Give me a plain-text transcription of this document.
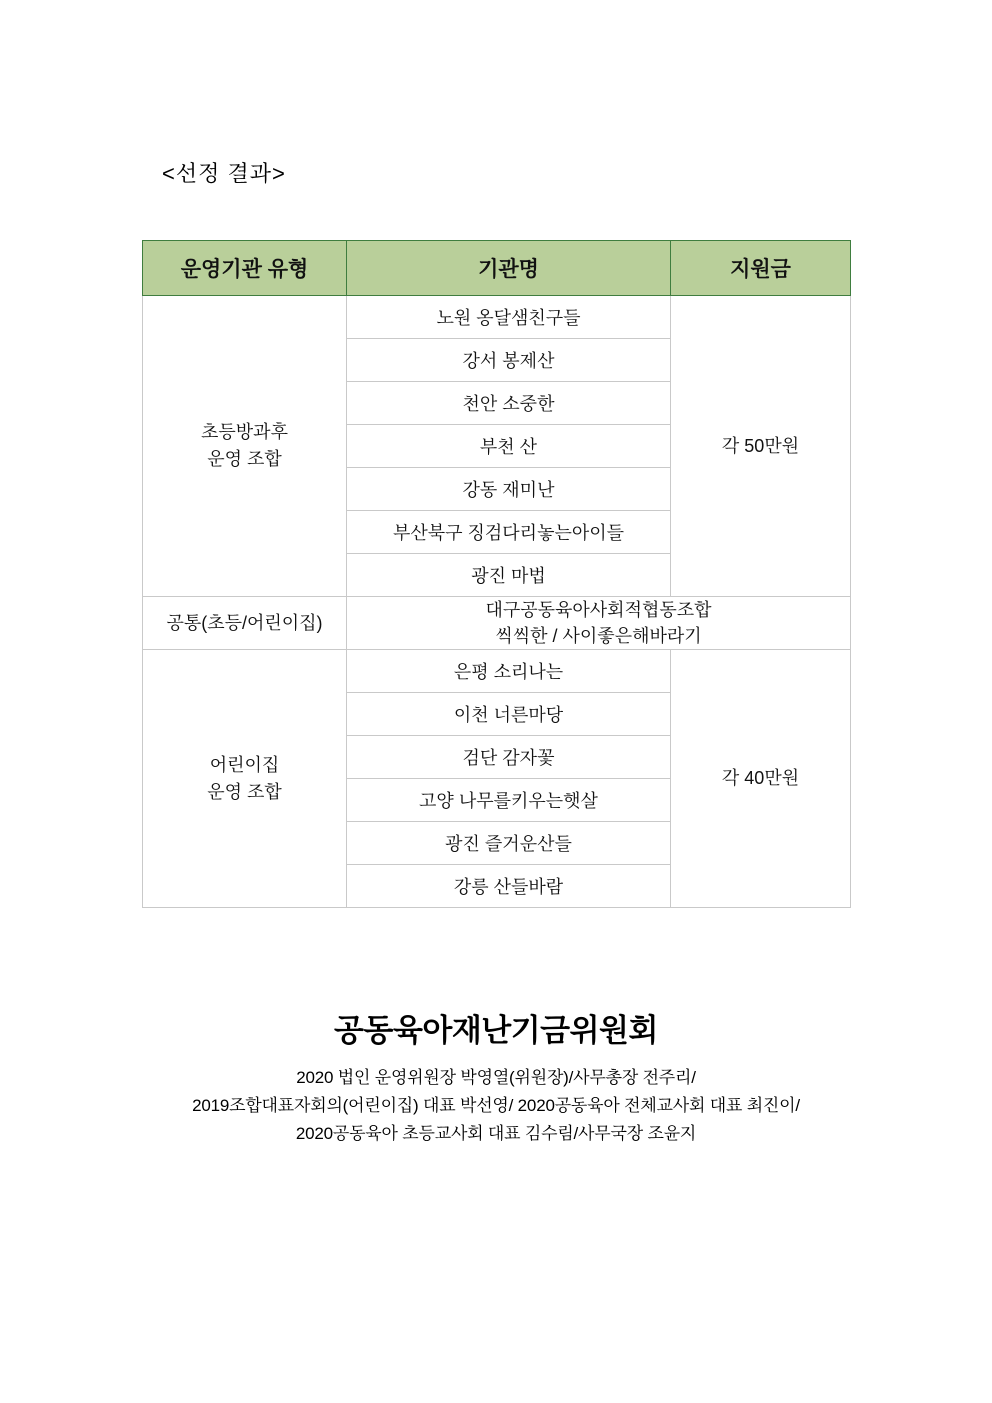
<선정 결과>
운영기관 유형	기관명	지원금
초등방과후
운영 조합	노원 옹달샘친구들	각 50만원
	강서 봉제산	
	천안 소중한	
	부천 산	
	강동 재미난	
	부산북구 징검다리놓는아이들	
	광진 마법	
공통(초등/어린이집)	대구공동육아사회적협동조합
씩씩한 / 사이좋은해바라기	
어린이집
운영 조합	은평 소리나는	각 40만원
	이천 너른마당	
	검단 감자꽃	
	고양 나무를키우는햇살	
	광진 즐거운산들	
	강릉 산들바람	
공동육아재난기금위원회
2020 법인 운영위원장 박영열(위원장)/사무총장 전주리/
2019조합대표자회의(어린이집) 대표 박선영/ 2020공동육아 전체교사회 대표 최진이/
2020공동육아 초등교사회 대표 김수림/사무국장 조윤지
